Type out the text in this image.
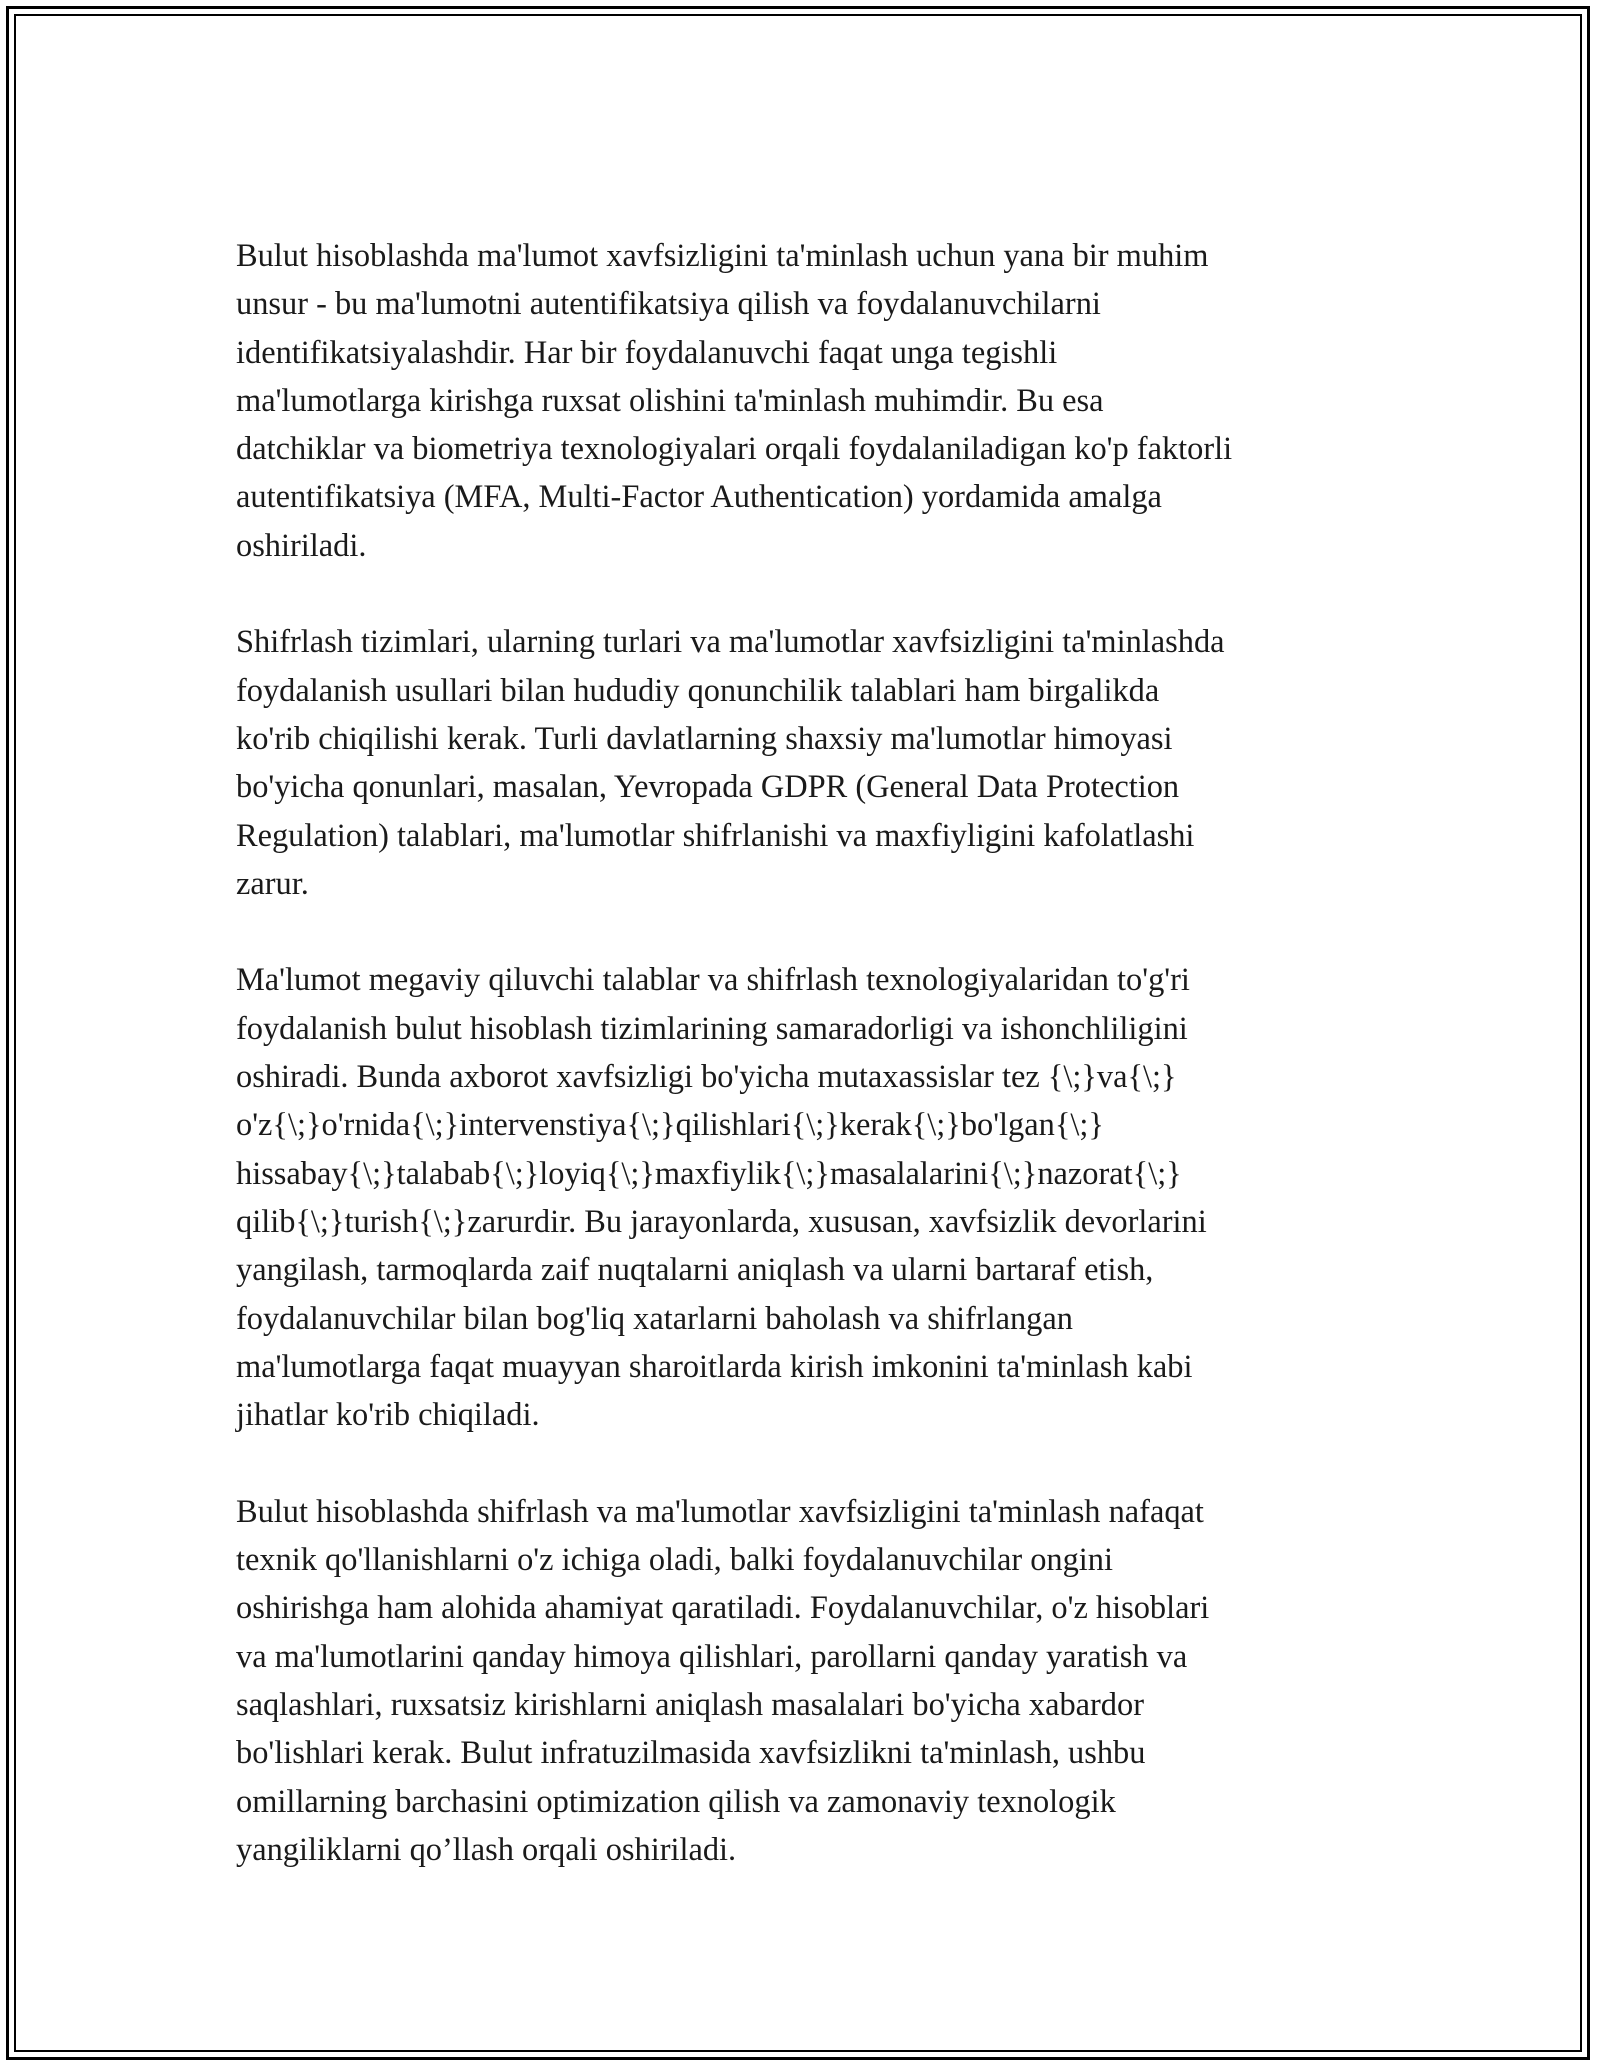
Bulut hisoblashda ma'lumot xavfsizligini ta'minlash uchun yana bir muhim
unsur - bu ma'lumotni autentifikatsiya qilish va foydalanuvchilarni
identifikatsiyalashdir. Har bir foydalanuvchi faqat unga tegishli
ma'lumotlarga kirishga ruxsat olishini ta'minlash muhimdir. Bu esa
datchiklar va biometriya texnologiyalari orqali foydalaniladigan ko'p faktorli
autentifikatsiya (MFA, Multi-Factor Authentication) yordamida amalga
oshiriladi.

Shifrlash tizimlari, ularning turlari va ma'lumotlar xavfsizligini ta'minlashda
foydalanish usullari bilan hududiy qonunchilik talablari ham birgalikda
ko'rib chiqilishi kerak. Turli davlatlarning shaxsiy ma'lumotlar himoyasi
bo'yicha qonunlari, masalan, Yevropada GDPR (General Data Protection
Regulation) talablari, ma'lumotlar shifrlanishi va maxfiyligini kafolatlashi
zarur.

Ma'lumot megaviy qiluvchi talablar va shifrlash texnologiyalaridan to'g'ri
foydalanish bulut hisoblash tizimlarining samaradorligi va ishonchliligini
oshiradi. Bunda axborot xavfsizligi bo'yicha mutaxassislar tez {\;}va{\;}
o'z{\;}o'rnida{\;}intervenstiya{\;}qilishlari{\;}kerak{\;}bo'lgan{\;}
hissabay{\;}talabab{\;}loyiq{\;}maxfiylik{\;}masalalarini{\;}nazorat{\;}
qilib{\;}turish{\;}zarurdir. Bu jarayonlarda, xususan, xavfsizlik devorlarini
yangilash, tarmoqlarda zaif nuqtalarni aniqlash va ularni bartaraf etish,
foydalanuvchilar bilan bog'liq xatarlarni baholash va shifrlangan
ma'lumotlarga faqat muayyan sharoitlarda kirish imkonini ta'minlash kabi
jihatlar ko'rib chiqiladi.

Bulut hisoblashda shifrlash va ma'lumotlar xavfsizligini ta'minlash nafaqat
texnik qo'llanishlarni o'z ichiga oladi, balki foydalanuvchilar ongini
oshirishga ham alohida ahamiyat qaratiladi. Foydalanuvchilar, o'z hisoblari
va ma'lumotlarini qanday himoya qilishlari, parollarni qanday yaratish va
saqlashlari, ruxsatsiz kirishlarni aniqlash masalalari bo'yicha xabardor
bo'lishlari kerak. Bulut infratuzilmasida xavfsizlikni ta'minlash, ushbu
omillarning barchasini optimization qilish va zamonaviy texnologik
yangiliklarni qo’llash orqali oshiriladi.
